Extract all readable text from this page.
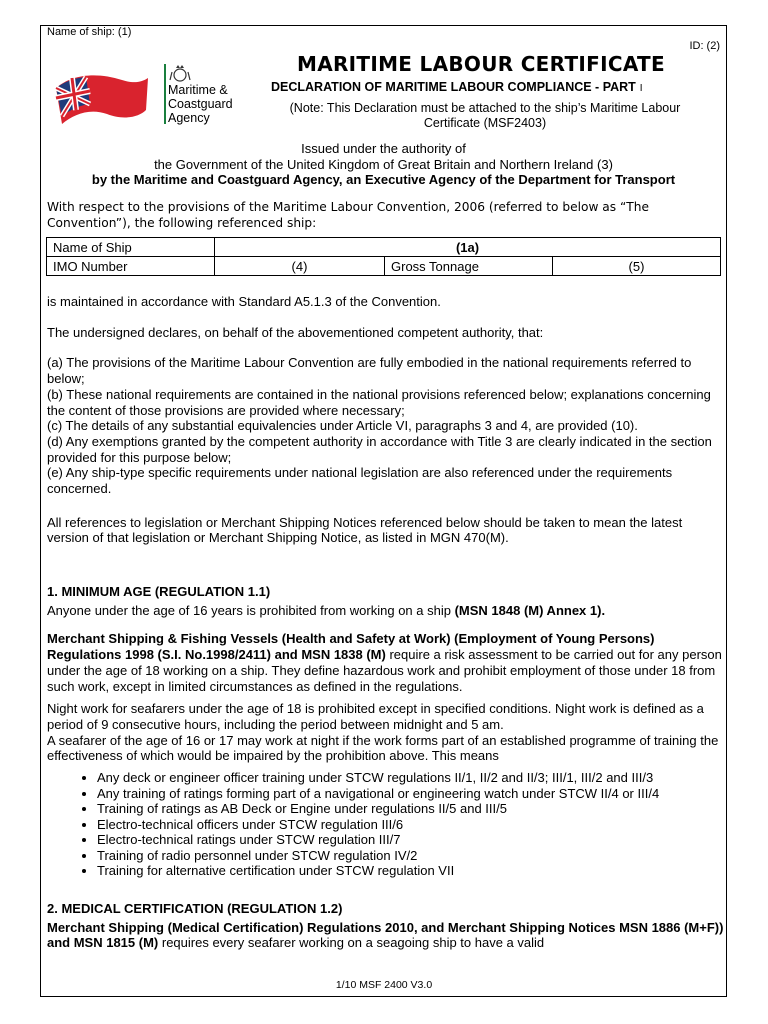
Name of ship: (1)
ID: (2)
Maritime &
Coastguard
Agency
MARITIME LABOUR CERTIFICATE
DECLARATION OF MARITIME LABOUR COMPLIANCE - PART I
(Note: This Declaration must be attached to the ship’s Maritime Labour Certificate (MSF2403)
Issued under the authority of
the Government of the United Kingdom of Great Britain and Northern Ireland (3)
by the Maritime and Coastguard Agency, an Executive Agency of the Department for Transport
With respect to the provisions of the Maritime Labour Convention, 2006 (referred to below as “The Convention”), the following referenced ship:
Name of Ship	(1a)		
IMO Number	(4)	Gross Tonnage	(5)

is maintained in accordance with Standard A5.1.3 of the Convention.

The undersigned declares, on behalf of the abovementioned competent authority, that:

(a) The provisions of the Maritime Labour Convention are fully embodied in the national requirements referred to below;

(b) These national requirements are contained in the national provisions referenced below; explanations concerning the content of those provisions are provided where necessary;

(c) The details of any substantial equivalencies under Article VI, paragraphs 3 and 4, are provided (10).

(d) Any exemptions granted by the competent authority in accordance with Title 3 are clearly indicated in the section provided for this purpose below;

(e) Any ship-type specific requirements under national legislation are also referenced under the requirements concerned.

All references to legislation or Merchant Shipping Notices referenced below should be taken to mean the latest version of that legislation or Merchant Shipping Notice, as listed in MGN 470(M).

1. MINIMUM AGE (REGULATION 1.1)

Anyone under the age of 16 years is prohibited from working on a ship (MSN 1848 (M) Annex 1).

Merchant Shipping & Fishing Vessels (Health and Safety at Work) (Employment of Young Persons) Regulations 1998 (S.I. No.1998/2411) and MSN 1838 (M) require a risk assessment to be carried out for any person under the age of 18 working on a ship. They define hazardous work and prohibit employment of those under 18 from such work, except in limited circumstances as defined in the regulations.

Night work for seafarers under the age of 18 is prohibited except in specified conditions. Night work is defined as a period of 9 consecutive hours, including the period between midnight and 5 am.

A seafarer of the age of 16 or 17 may work at night if the work forms part of an established programme of training the effectiveness of which would be impaired by the prohibition above. This means

• Any deck or engineer officer training under STCW regulations II/1, II/2 and II/3; III/1, III/2 and III/3
• Any training of ratings forming part of a navigational or engineering watch under STCW II/4 or III/4
• Training of ratings as AB Deck or Engine under regulations II/5 and III/5
• Electro-technical officers under STCW regulation III/6
• Electro-technical ratings under STCW regulation III/7
• Training of radio personnel under STCW regulation IV/2
• Training for alternative certification under STCW regulation VII

2. MEDICAL CERTIFICATION (REGULATION 1.2)

Merchant Shipping (Medical Certification) Regulations 2010, and Merchant Shipping Notices MSN 1886 (M+F)) and MSN 1815 (M) requires every seafarer working on a seagoing ship to have a valid

1/10 MSF 2400 V3.0
